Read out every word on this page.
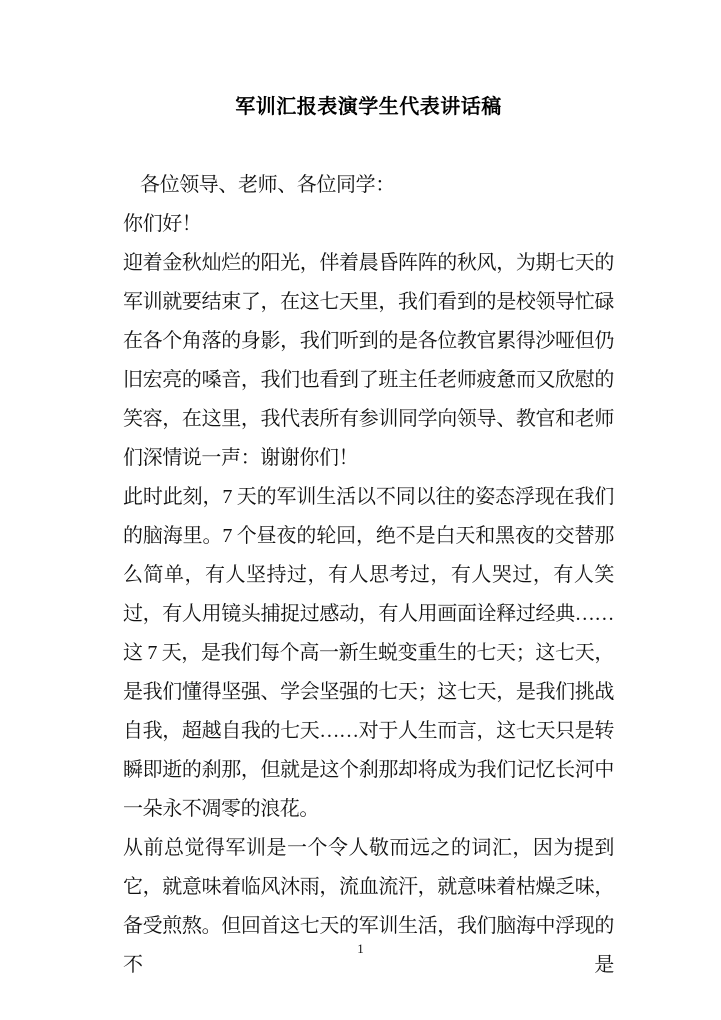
军训汇报表演学生代表讲话稿

各位领导、老师、各位同学：

你们好！

迎着金秋灿烂的阳光，伴着晨昏阵阵的秋风，为期七天的军训就要结束了，在这七天里，我们看到的是校领导忙碌在各个角落的身影，我们听到的是各位教官累得沙哑但仍旧宏亮的嗓音，我们也看到了班主任老师疲惫而又欣慰的笑容，在这里，我代表所有参训同学向领导、教官和老师们深情说一声：谢谢你们！

此时此刻，7 天的军训生活以不同以往的姿态浮现在我们的脑海里。7 个昼夜的轮回，绝不是白天和黑夜的交替那么简单，有人坚持过，有人思考过，有人哭过，有人笑过，有人用镜头捕捉过感动，有人用画面诠释过经典……这 7 天，是我们每个高一新生蜕变重生的七天；这七天，是我们懂得坚强、学会坚强的七天；这七天，是我们挑战自我，超越自我的七天……对于人生而言，这七天只是转瞬即逝的刹那，但就是这个刹那却将成为我们记忆长河中一朵永不凋零的浪花。

从前总觉得军训是一个令人敬而远之的词汇，因为提到它，就意味着临风沐雨，流血流汗，就意味着枯燥乏味，备受煎熬。但回首这七天的军训生活，我们脑海中浮现的不是

1
